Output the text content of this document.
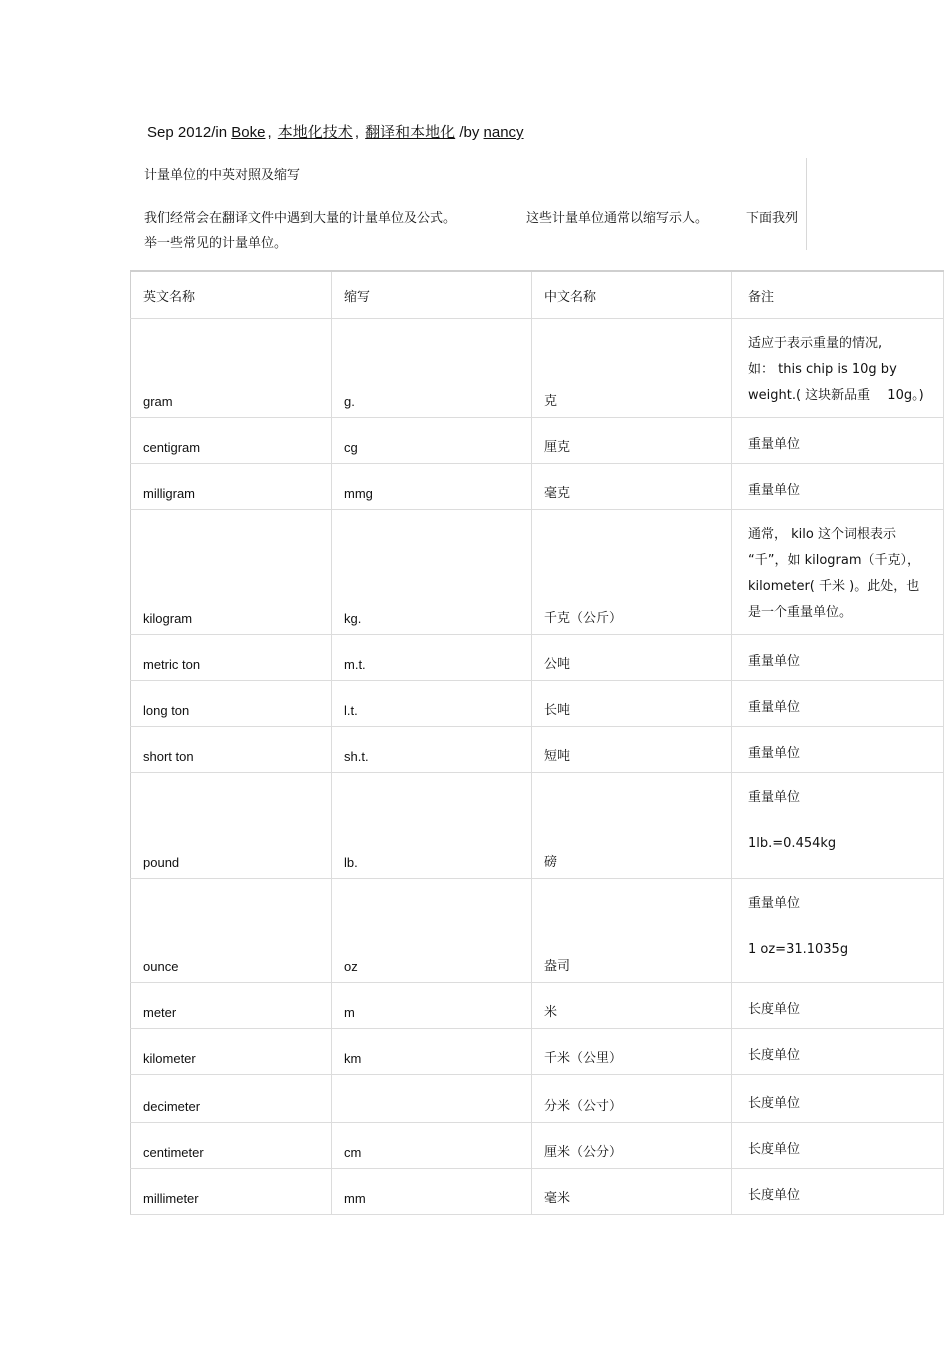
Sep 2012/in Boke , 本地化技术 , 翻译和本地化 /by nancy
计量单位的中英对照及缩写
我们经常会在翻译文件中遇到大量的计量单位及公式。	这些计量单位通常以缩写示人。	下面我列
举一些常见的计量单位。
英文名称	缩写	中文名称	备注
gram	g.	克	适应于表示重量的情况,
如： this chip is 10g by
weight.( 这块新品重　 10g。)

centigram	cg	厘克	重量单位

milligram	mmg	毫克	重量单位

kilogram	kg.	千克（公斤）	通常， kilo 这个词根表示
“千”，如 kilogram（千克），
kilometer( 千米 )。此处，也
是一个重量单位。

metric ton	m.t.	公吨	重量单位

long ton	l.t.	长吨	重量单位

short ton	sh.t.	短吨	重量单位

pound	lb.	磅	重量单位
1lb.=0.454kg

ounce	oz	盎司	重量单位
1 oz=31.1035g

meter	m	米	长度单位

kilometer	km	千米（公里）	长度单位

decimeter		分米（公寸）	长度单位

centimeter	cm	厘米（公分）	长度单位

millimeter	mm	毫米	长度单位
